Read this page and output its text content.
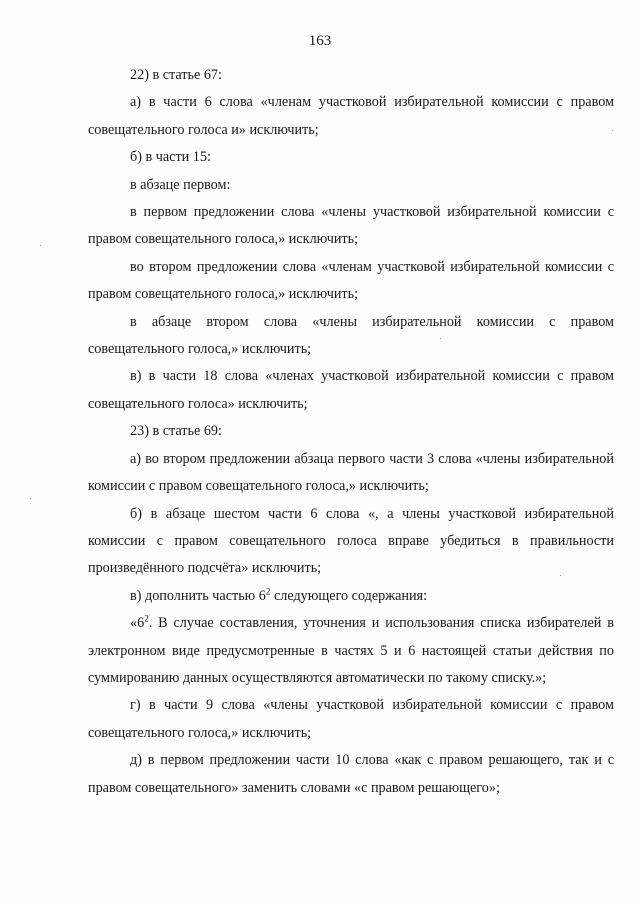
163

22) в статье 67:

а) в части 6 слова «членам участковой избирательной комиссии с правом совещательного голоса и» исключить;

б) в части 15:

в абзаце первом:

в первом предложении слова «члены участковой избирательной комиссии с правом совещательного голоса,» исключить;

во втором предложении слова «членам участковой избирательной комиссии с правом совещательного голоса,» исключить;

в абзаце втором слова «члены избирательной комиссии с правом совещательного голоса,» исключить;

в) в части 18 слова «членах участковой избирательной комиссии с правом совещательного голоса» исключить;

23) в статье 69:

а) во втором предложении абзаца первого части 3 слова «члены избирательной комиссии с правом совещательного голоса,» исключить;

б) в абзаце шестом части 6 слова «, а члены участковой избирательной комиссии с правом совещательного голоса вправе убедиться в правильности произведённого подсчёта» исключить;

в) дополнить частью $6^2$ следующего содержания:

«$6^2$. В случае составления, уточнения и использования списка избирателей в электронном виде предусмотренные в частях 5 и 6 настоящей статьи действия по суммированию данных осуществляются автоматически по такому списку.»;

г) в части 9 слова «члены участковой избирательной комиссии с правом совещательного голоса,» исключить;

д) в первом предложении части 10 слова «как с правом решающего, так и с правом совещательного» заменить словами «с правом решающего»;
